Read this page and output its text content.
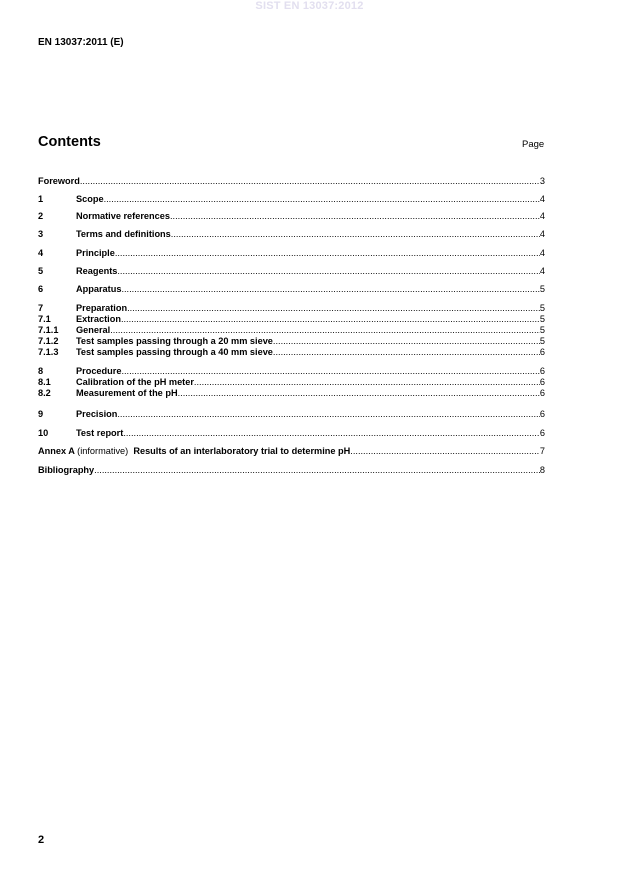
SIST EN 13037:2012
EN 13037:2011 (E)
Contents	Page
Foreword .....	3
1	Scope .....	4
2	Normative references .....	4
3	Terms and definitions .....	4
4	Principle .....	4
5	Reagents .....	4
6	Apparatus .....	5
7	Preparation .....	5
7.1	Extraction .....	5
7.1.1	General .....	5
7.1.2	Test samples passing through a 20 mm sieve .....	5
7.1.3	Test samples passing through a 40 mm sieve .....	6
8	Procedure .....	6
8.1	Calibration of the pH meter .....	6
8.2	Measurement of the pH .....	6
9	Precision .....	6
10	Test report .....	6
Annex A (informative) Results of an interlaboratory trial to determine pH .....	7
Bibliography .....	8
2
